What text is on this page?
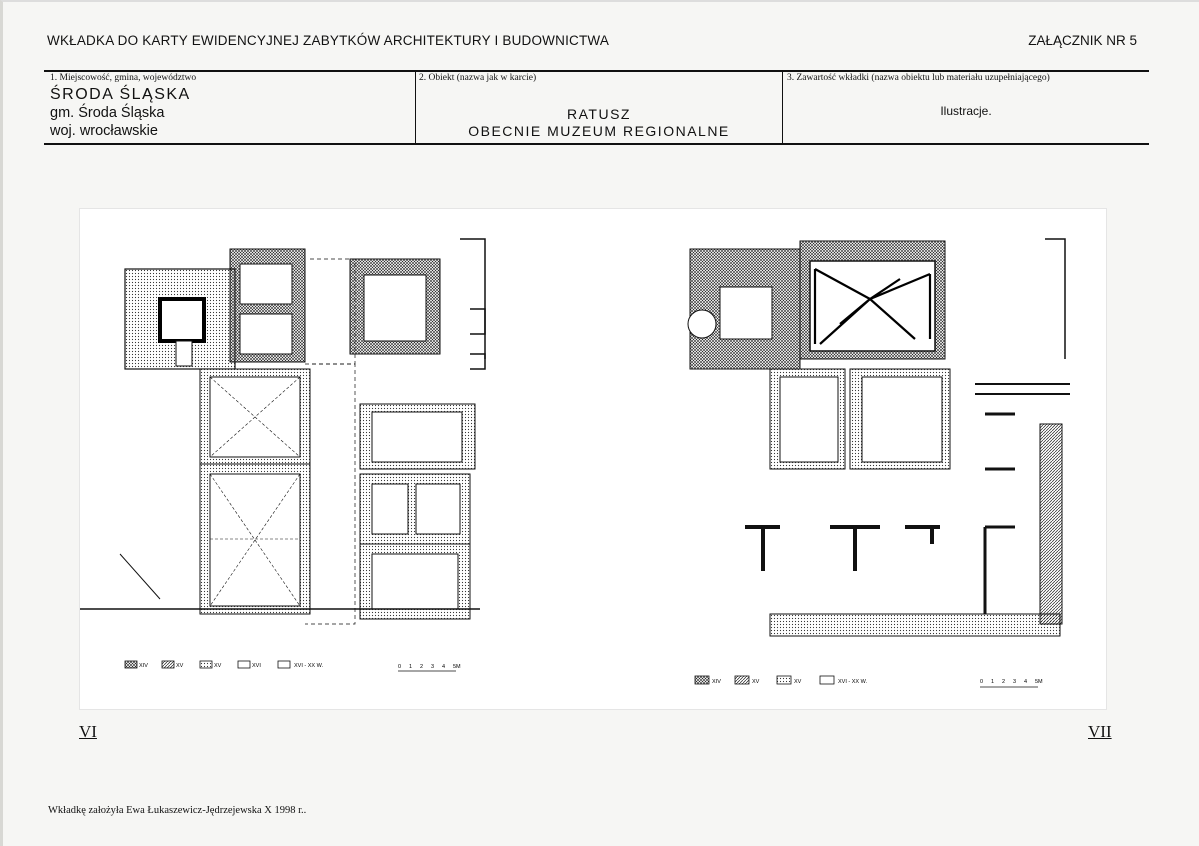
WKŁADKA DO KARTY EWIDENCYJNEJ ZABYTKÓW ARCHITEKTURY I BUDOWNICTWA	ZAŁĄCZNIK NR 5
1. Miejscowość, gmina, województwo
ŚRODA ŚLĄSKA
gm. Środa Śląska
woj. wrocławskie
2. Obiekt (nazwa jak w karcie)
RATUSZ
OBECNIE MUZEUM REGIONALNE
3. Zawartość wkładki (nazwa obiektu lub materiału uzupełniającego)
Ilustracje.
XIV	XV	XV	XVI	XVI - XX W.	0 1 2 3 4 5M
XIV	XV	XV	XVI - XX W.	0 1 2 3 4 5M
VI	VII
Wkładkę założyła Ewa Łukaszewicz-Jędrzejewska X 1998 r..
